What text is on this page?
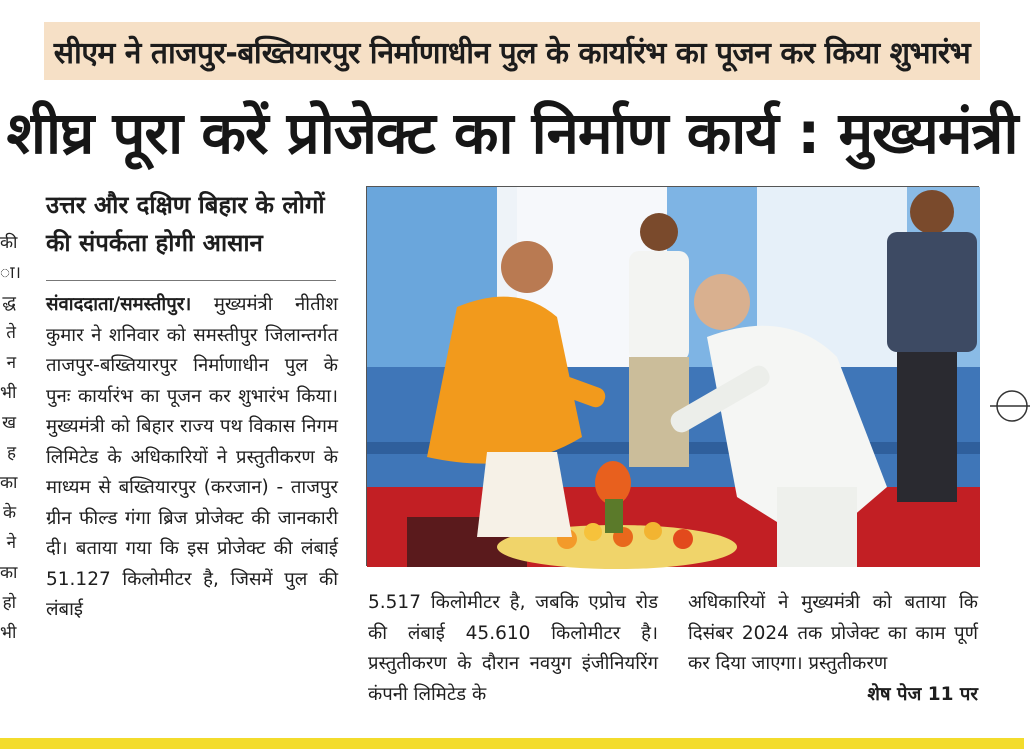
की
ा।
द्ध
ते
न
भी
ख
ह
का
के
ने
का
हो
भी
सीएम ने ताजपुर-बख्तियारपुर निर्माणाधीन पुल के कार्यारंभ का पूजन कर किया शुभारंभ
शीघ्र पूरा करें प्रोजेक्ट का निर्माण कार्य : मुख्यमंत्री
उत्तर और दक्षिण बिहार के लोगों
की संपर्कता होगी आसान
संवाददाता/समस्तीपुर। मुख्यमंत्री नीतीश कुमार ने शनिवार को समस्तीपुर जिलान्तर्गत ताजपुर-बख्तियारपुर निर्माणाधीन पुल के पुनः कार्यारंभ का पूजन कर शुभारंभ किया। मुख्यमंत्री को बिहार राज्य पथ विकास निगम लिमिटेड के अधिकारियों ने प्रस्तुतीकरण के माध्यम से बख्तियारपुर (करजान) - ताजपुर ग्रीन फील्ड गंगा ब्रिज प्रोजेक्ट की जानकारी दी। बताया गया कि इस प्रोजेक्ट की लंबाई 51.127 किलोमीटर है, जिसमें पुल की लंबाई	5.517 किलोमीटर है, जबकि एप्रोच रोड की लंबाई 45.610 किलोमीटर है। प्रस्तुतीकरण के दौरान नवयुग इंजीनियरिंग कंपनी लिमिटेड के
अधिकारियों ने मुख्यमंत्री को बताया कि दिसंबर 2024 तक प्रोजेक्ट का काम पूर्ण कर दिया जाएगा। प्रस्तुतीकरण
शेष पेज 11 पर
